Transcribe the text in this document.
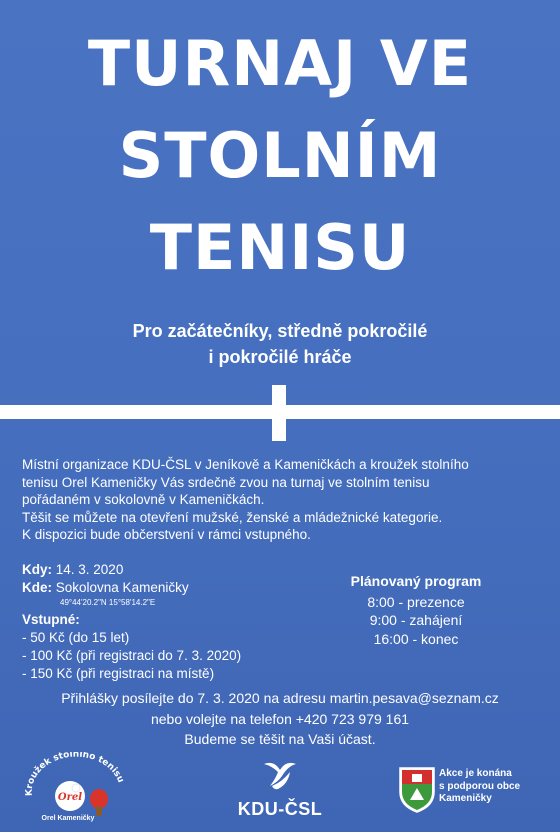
TURNAJ VE
STOLNÍM
TENISU
Pro začátečníky, středně pokročilé
i pokročilé hráče

Místní organizace KDU-ČSL v Jeníkově a Kameničkách a kroužek stolního

tenisu Orel Kameničky Vás srdečně zvou na turnaj ve stolním tenisu

pořádaném v sokolovně v Kameničkách.

Těšit se můžete na otevření mužské, ženské a mládežnické kategorie.

K dispozici bude občerstvení v rámci vstupného.

Kdy: 14. 3. 2020
Kde: Sokolovna Kameničky
49°44'20.2"N 15°58'14.2"E
Vstupné:
- 50 Kč (do 15 let)
- 100 Kč (při registraci do 7. 3. 2020)
- 150 Kč (při registraci na místě)
Plánovaný program
8:00 - prezence
9:00 - zahájení
16:00 - konec
Přihlášky posílejte do 7. 3. 2020 na adresu martin.pesava@seznam.cz
nebo volejte na telefon +420 723 979 161
Budeme se těšit na Vaši účast.
Kroužek stolního tenisu
Orel
Orel Kameničky	KDU-ČSL
Akce je konána
s podporou obce
Kameničky
